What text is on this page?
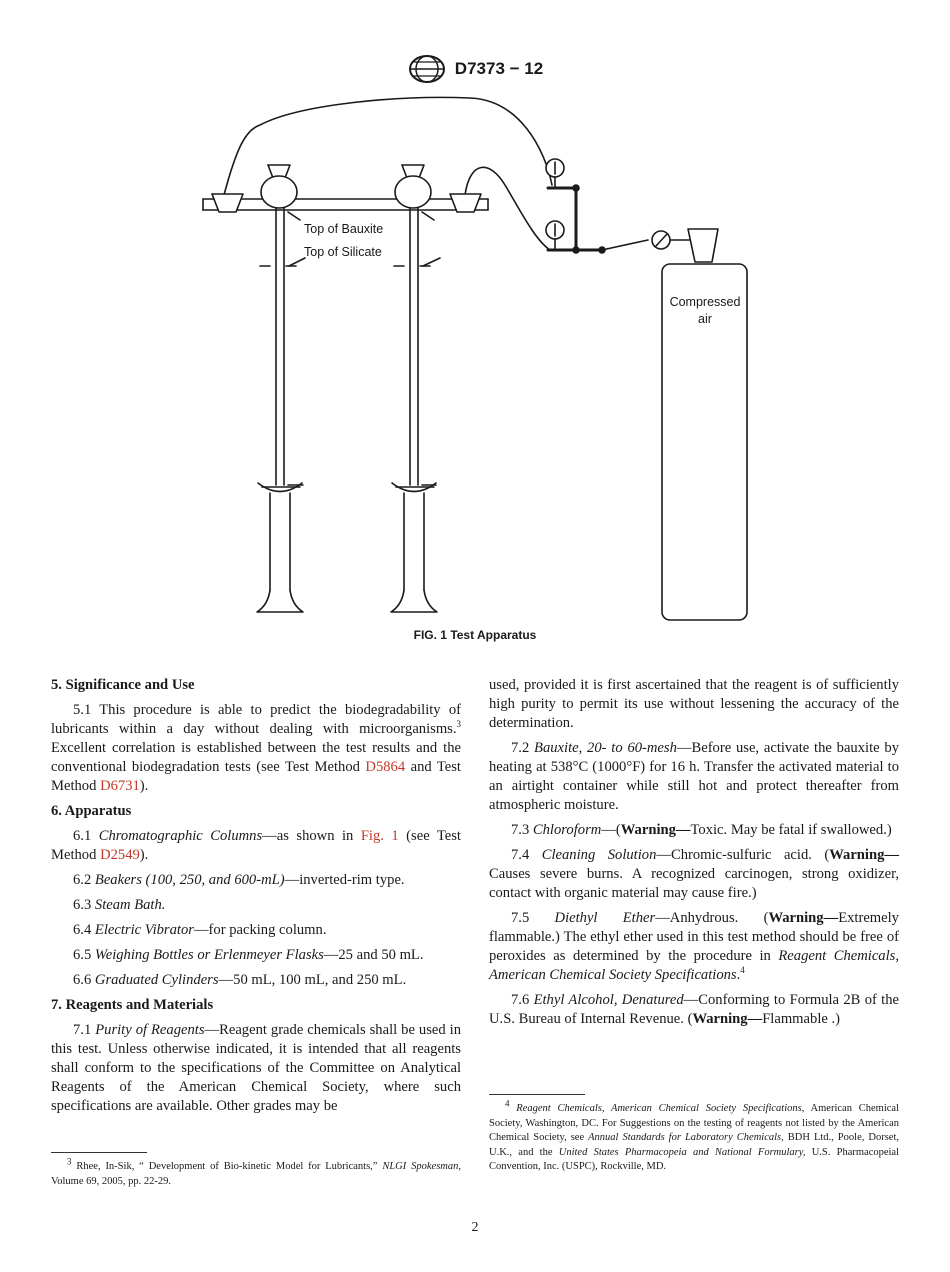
D7373 − 12
Top of Bauxite
Top of Silicate
Compressed
air
FIG. 1 Test Apparatus
5. Significance and Use

5.1 This procedure is able to predict the biodegradability of lubricants within a day without dealing with microorganisms.$^3$ Excellent correlation is established between the test results and the conventional biodegradation tests (see Test Method D5864 and Test Method D6731).

6. Apparatus

6.1 Chromatographic Columns—as shown in Fig. 1 (see Test Method D2549).

6.2 Beakers (100, 250, and 600-mL)—inverted-rim type.

6.3 Steam Bath.

6.4 Electric Vibrator—for packing column.

6.5 Weighing Bottles or Erlenmeyer Flasks—25 and 50 mL.

6.6 Graduated Cylinders—50 mL, 100 mL, and 250 mL.

7. Reagents and Materials

7.1 Purity of Reagents—Reagent grade chemicals shall be used in this test. Unless otherwise indicated, it is intended that all reagents shall conform to the specifications of the Committee on Analytical Reagents of the American Chemical Society, where such specifications are available. Other grades may be

used, provided it is first ascertained that the reagent is of sufficiently high purity to permit its use without lessening the accuracy of the determination.

7.2 Bauxite, 20- to 60-mesh—Before use, activate the bauxite by heating at 538°C (1000°F) for 16 h. Transfer the activated material to an airtight container while still hot and protect thereafter from atmospheric moisture.

7.3 Chloroform—(Warning—Toxic. May be fatal if swallowed.)

7.4 Cleaning Solution—Chromic-sulfuric acid. (Warning—Causes severe burns. A recognized carcinogen, strong oxidizer, contact with organic material may cause fire.)

7.5 Diethyl Ether—Anhydrous. (Warning—Extremely flammable.) The ethyl ether used in this test method should be free of peroxides as determined by the procedure in Reagent Chemicals, American Chemical Society Specifications.$^4$

7.6 Ethyl Alcohol, Denatured—Conforming to Formula 2B of the U.S. Bureau of Internal Revenue. (Warning—Flammable .)

$^3$ Rhee, In-Sik, “ Development of Bio-kinetic Model for Lubricants,” NLGI Spokesman, Volume 69, 2005, pp. 22-29.

$^4$ Reagent Chemicals, American Chemical Society Specifications, American Chemical Society, Washington, DC. For Suggestions on the testing of reagents not listed by the American Chemical Society, see Annual Standards for Laboratory Chemicals, BDH Ltd., Poole, Dorset, U.K., and the United States Pharmacopeia and National Formulary, U.S. Pharmacopeial Convention, Inc. (USPC), Rockville, MD.

2
